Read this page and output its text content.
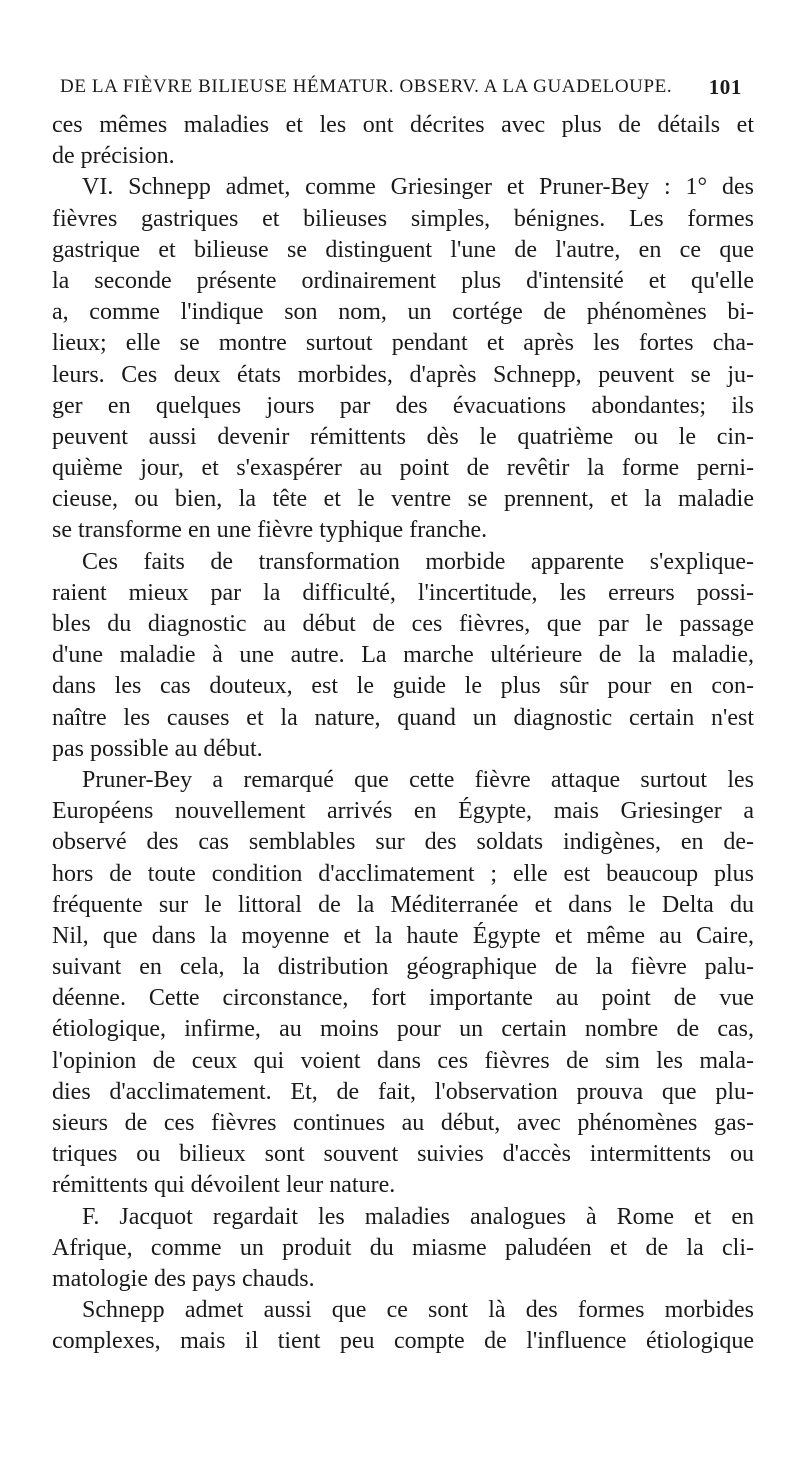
DE LA FIÈVRE BILIEUSE HÉMATUR. OBSERV. A LA GUADELOUPE. 101
ces mêmes maladies et les ont décrites avec plus de détails et
de précision.
VI. Schnepp admet, comme Griesinger et Pruner-Bey : 1° des
fièvres gastriques et bilieuses simples, bénignes. Les formes
gastrique et bilieuse se distinguent l'une de l'autre, en ce que
la seconde présente ordinairement plus d'intensité et qu'elle
a, comme l'indique son nom, un cortége de phénomènes bi-
lieux; elle se montre surtout pendant et après les fortes cha-
leurs. Ces deux états morbides, d'après Schnepp, peuvent se ju-
ger en quelques jours par des évacuations abondantes; ils
peuvent aussi devenir rémittents dès le quatrième ou le cin-
quième jour, et s'exaspérer au point de revêtir la forme perni-
cieuse, ou bien, la tête et le ventre se prennent, et la maladie
se transforme en une fièvre typhique franche.
Ces faits de transformation morbide apparente s'explique-
raient mieux par la difficulté, l'incertitude, les erreurs possi-
bles du diagnostic au début de ces fièvres, que par le passage
d'une maladie à une autre. La marche ultérieure de la maladie,
dans les cas douteux, est le guide le plus sûr pour en con-
naître les causes et la nature, quand un diagnostic certain n'est
pas possible au début.
Pruner-Bey a remarqué que cette fièvre attaque surtout les
Européens nouvellement arrivés en Égypte, mais Griesinger a
observé des cas semblables sur des soldats indigènes, en de-
hors de toute condition d'acclimatement ; elle est beaucoup plus
fréquente sur le littoral de la Méditerranée et dans le Delta du
Nil, que dans la moyenne et la haute Égypte et même au Caire,
suivant en cela, la distribution géographique de la fièvre palu-
déenne. Cette circonstance, fort importante au point de vue
étiologique, infirme, au moins pour un certain nombre de cas,
l'opinion de ceux qui voient dans ces fièvres de sim les mala-
dies d'acclimatement. Et, de fait, l'observation prouva que plu-
sieurs de ces fièvres continues au début, avec phénomènes gas-
triques ou bilieux sont souvent suivies d'accès intermittents ou
rémittents qui dévoilent leur nature.
F. Jacquot regardait les maladies analogues à Rome et en
Afrique, comme un produit du miasme paludéen et de la cli-
matologie des pays chauds.
Schnepp admet aussi que ce sont là des formes morbides
complexes, mais il tient peu compte de l'influence étiologique
